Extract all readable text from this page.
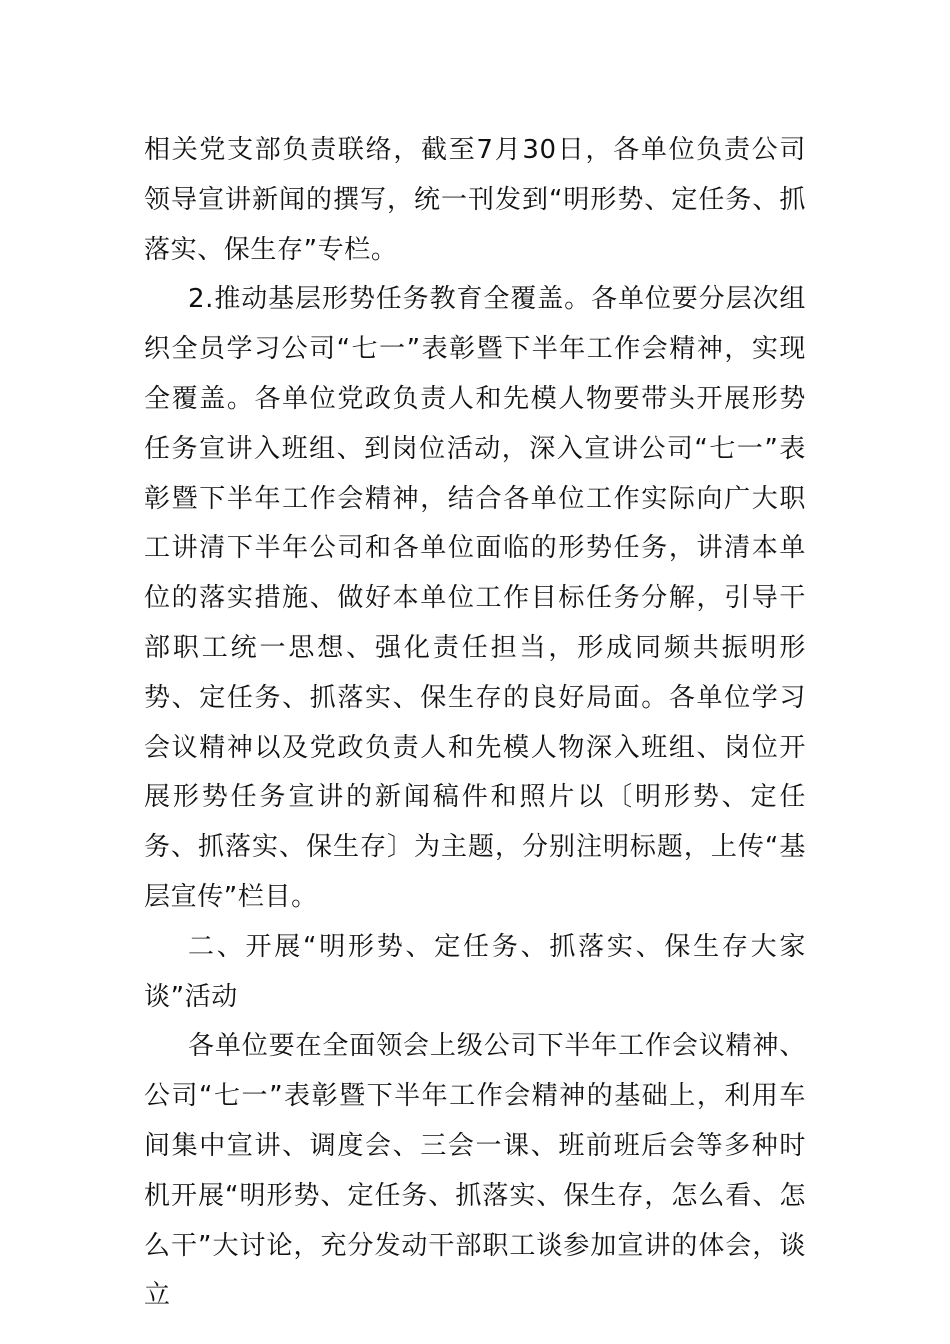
相关党支部负责联络，截至7月30日，各单位负责公司领导宣讲新闻的撰写，统一刊发到“明形势、定任务、抓落实、保生存”专栏。

2.推动基层形势任务教育全覆盖。各单位要分层次组织全员学习公司“七一”表彰暨下半年工作会精神，实现全覆盖。各单位党政负责人和先模人物要带头开展形势任务宣讲入班组、到岗位活动，深入宣讲公司“七一”表彰暨下半年工作会精神，结合各单位工作实际向广大职工讲清下半年公司和各单位面临的形势任务，讲清本单位的落实措施、做好本单位工作目标任务分解，引导干部职工统一思想、强化责任担当，形成同频共振明形势、定任务、抓落实、保生存的良好局面。各单位学习会议精神以及党政负责人和先模人物深入班组、岗位开展形势任务宣讲的新闻稿件和照片以〔明形势、定任务、抓落实、保生存〕为主题，分别注明标题，上传“基层宣传”栏目。

二、开展“明形势、定任务、抓落实、保生存大家谈”活动

各单位要在全面领会上级公司下半年工作会议精神、公司“七一”表彰暨下半年工作会精神的基础上，利用车间集中宣讲、调度会、三会一课、班前班后会等多种时机开展“明形势、定任务、抓落实、保生存，怎么看、怎么干”大讨论，充分发动干部职工谈参加宣讲的体会，谈立
